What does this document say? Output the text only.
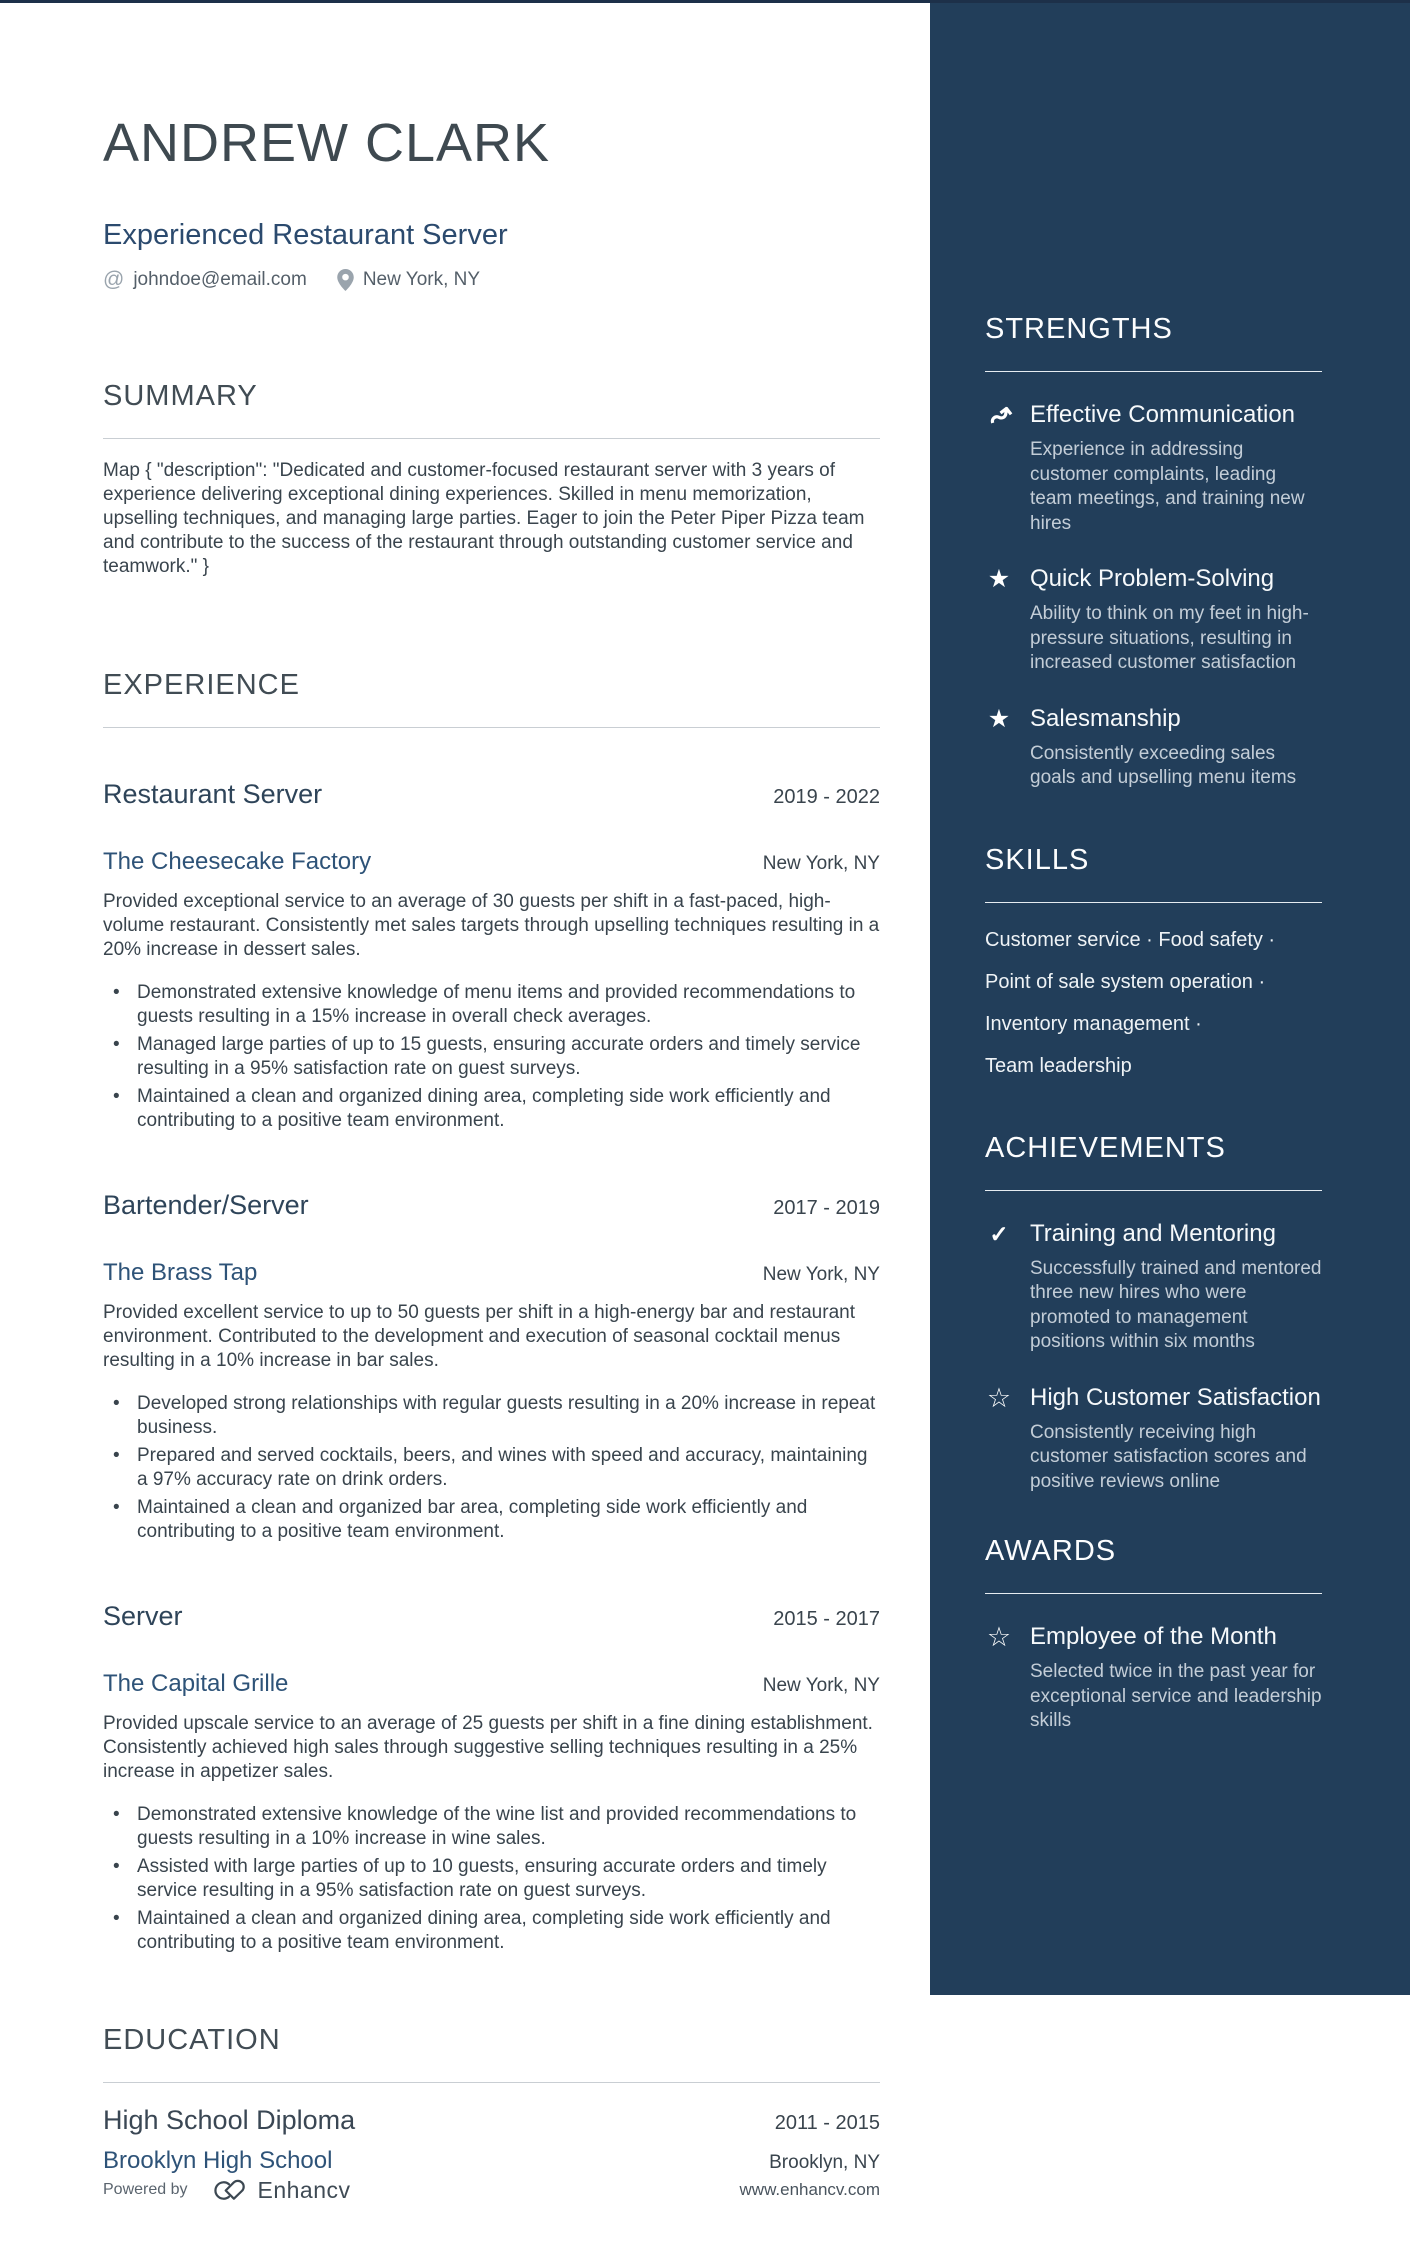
ANDREW CLARK
Experienced Restaurant Server
@ johndoe@email.com	New York, NY
SUMMARY

Map { "description": "Dedicated and customer-focused restaurant server with 3 years of experience delivering exceptional dining experiences. Skilled in menu memorization, upselling techniques, and managing large parties. Eager to join the Peter Piper Pizza team and contribute to the success of the restaurant through outstanding customer service and teamwork." }

EXPERIENCE
Restaurant Server	2019 - 2022
The Cheesecake Factory	New York, NY

Provided exceptional service to an average of 30 guests per shift in a fast-paced, high-volume restaurant. Consistently met sales targets through upselling techniques resulting in a 20% increase in dessert sales.

• Demonstrated extensive knowledge of menu items and provided recommendations to guests resulting in a 15% increase in overall check averages.
• Managed large parties of up to 15 guests, ensuring accurate orders and timely service resulting in a 95% satisfaction rate on guest surveys.
• Maintained a clean and organized dining area, completing side work efficiently and contributing to a positive team environment.
Bartender/Server	2017 - 2019
The Brass Tap	New York, NY

Provided excellent service to up to 50 guests per shift in a high-energy bar and restaurant environment. Contributed to the development and execution of seasonal cocktail menus resulting in a 10% increase in bar sales.

• Developed strong relationships with regular guests resulting in a 20% increase in repeat business.
• Prepared and served cocktails, beers, and wines with speed and accuracy, maintaining a 97% accuracy rate on drink orders.
• Maintained a clean and organized bar area, completing side work efficiently and contributing to a positive team environment.
Server	2015 - 2017
The Capital Grille	New York, NY

Provided upscale service to an average of 25 guests per shift in a fine dining establishment. Consistently achieved high sales through suggestive selling techniques resulting in a 25% increase in appetizer sales.

• Demonstrated extensive knowledge of the wine list and provided recommendations to guests resulting in a 10% increase in wine sales.
• Assisted with large parties of up to 10 guests, ensuring accurate orders and timely service resulting in a 95% satisfaction rate on guest surveys.
• Maintained a clean and organized dining area, completing side work efficiently and contributing to a positive team environment.
EDUCATION
High School Diploma	2011 - 2015
Brooklyn High School	Brooklyn, NY
Powered by	Enhancv	www.enhancv.com
STRENGTHS
↝
Effective Communication
Experience in addressing customer complaints, leading team meetings, and training new hires
★
Quick Problem-Solving
Ability to think on my feet in high-pressure situations, resulting in increased customer satisfaction
★
Salesmanship
Consistently exceeding sales goals and upselling menu items
SKILLS
Customer service · Food safety ·
Point of sale system operation ·
Inventory management ·
Team leadership
ACHIEVEMENTS
✓
Training and Mentoring
Successfully trained and mentored three new hires who were promoted to management positions within six months
☆
High Customer Satisfaction
Consistently receiving high customer satisfaction scores and positive reviews online
AWARDS
☆
Employee of the Month
Selected twice in the past year for exceptional service and leadership skills
